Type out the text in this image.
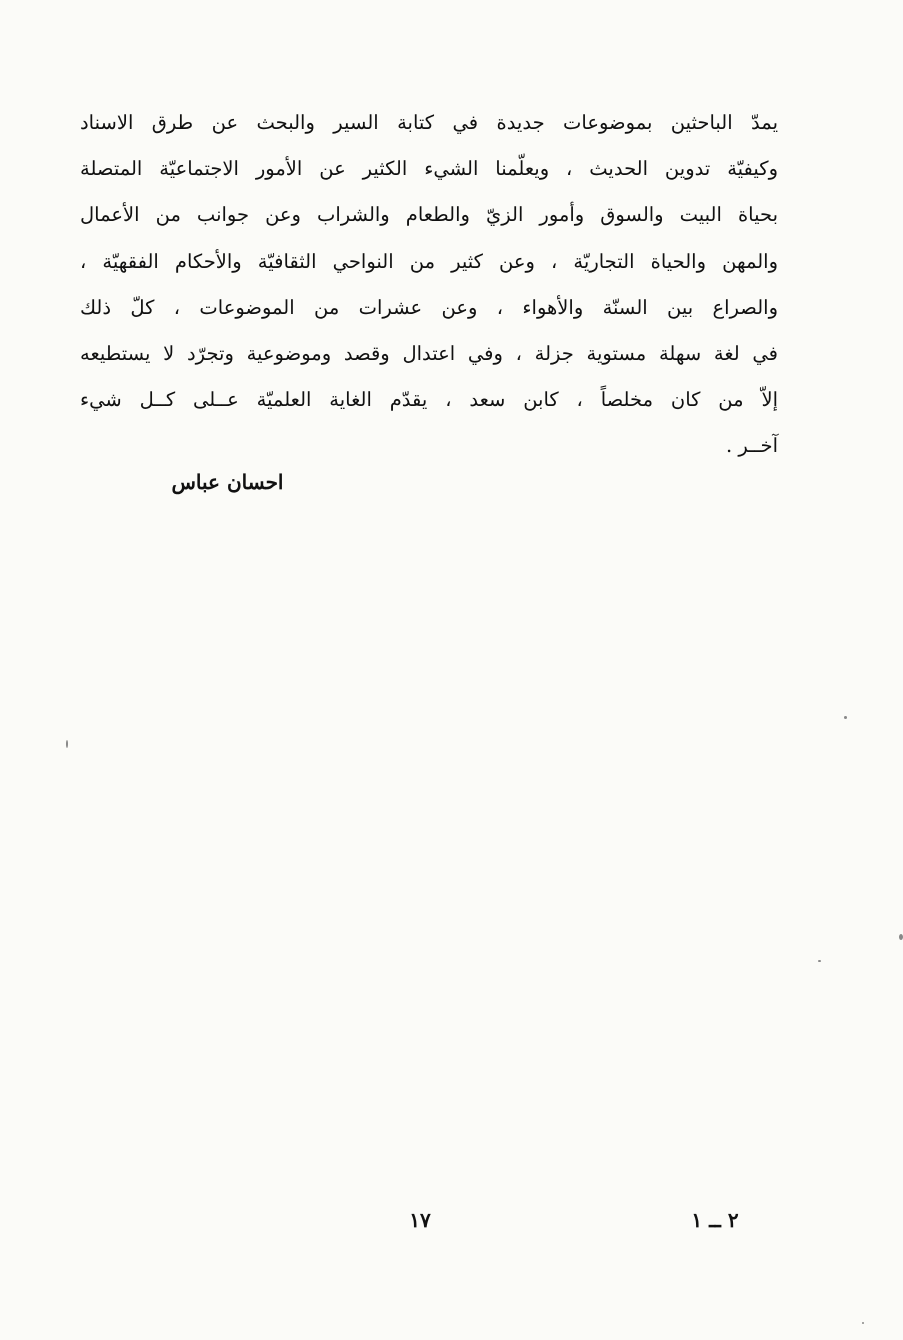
يمدّ الباحثين بموضوعات جديدة في كتابة السير والبحث عن طرق الاسناد
وكيفيّة تدوين الحديث ، ويعلّمنا الشيء الكثير عن الأمور الاجتماعيّة المتصلة
بحياة البيت والسوق وأمور الزيّ والطعام والشراب وعن جوانب من الأعمال
والمهن والحياة التجاريّة ، وعن كثير من النواحي الثقافيّة والأحكام الفقهيّة ،
والصراع بين السنّة والأهواء ، وعن عشرات من الموضوعات ، كلّ ذلك
في لغة سهلة مستوية جزلة ، وفي اعتدال وقصد وموضوعية وتجرّد لا يستطيعه
إلاّ من كان مخلصاً ، كابن سعد ، يقدّم الغاية العلميّة عــلى كــل شيء
آخــر .
احسان عباس
١٧	٢ ــ ١
